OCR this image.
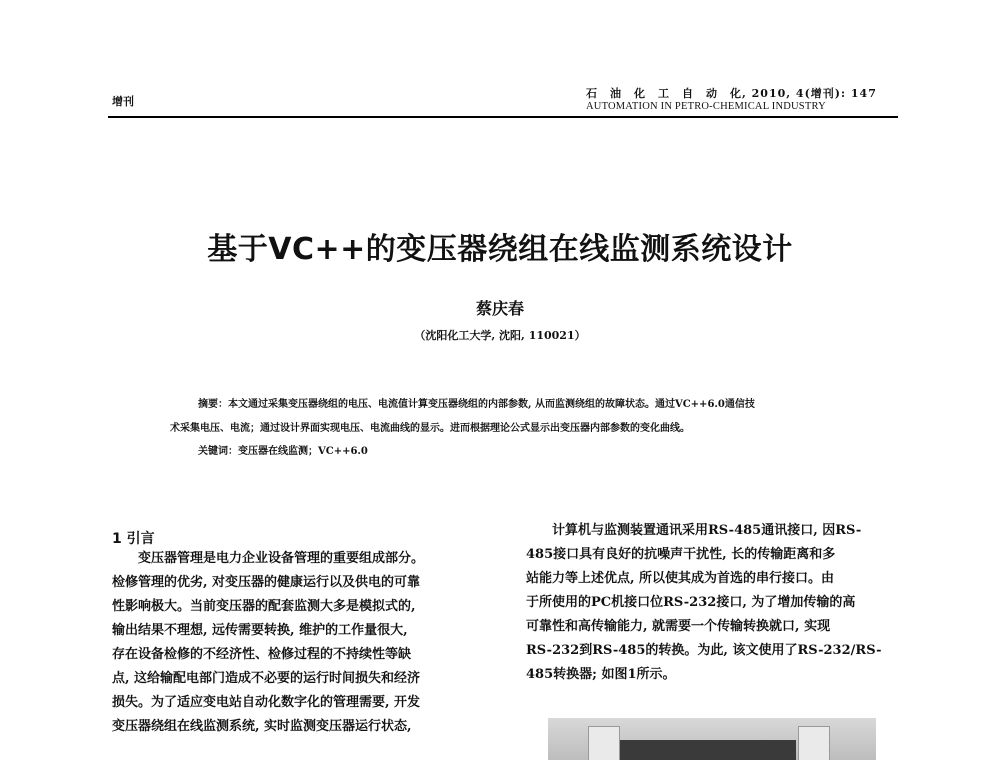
增刊
石　油　化　工　自　动　化, 2010, 4(增刊): 147
AUTOMATION IN PETRO-CHEMICAL INDUSTRY
基于VC++的变压器绕组在线监测系统设计
蔡庆春
（沈阳化工大学, 沈阳, 110021）
摘要：本文通过采集变压器绕组的电压、电流值计算变压器绕组的内部参数, 从而监测绕组的故障状态。通过VC++6.0通信技
术采集电压、电流；通过设计界面实现电压、电流曲线的显示。进而根据理论公式显示出变压器内部参数的变化曲线。
关键词：变压器在线监测；VC++6.0
1 引言
　　变压器管理是电力企业设备管理的重要组成部分。
检修管理的优劣, 对变压器的健康运行以及供电的可靠
性影响极大。当前变压器的配套监测大多是模拟式的,
输出结果不理想, 远传需要转换, 维护的工作量很大,
存在设备检修的不经济性、检修过程的不持续性等缺
点, 这给输配电部门造成不必要的运行时间损失和经济
损失。为了适应变电站自动化数字化的管理需要, 开发
变压器绕组在线监测系统, 实时监测变压器运行状态,
　　计算机与监测装置通讯采用RS-485通讯接口, 因RS-
485接口具有良好的抗噪声干扰性, 长的传输距离和多
站能力等上述优点, 所以使其成为首选的串行接口。由
于所使用的PC机接口位RS-232接口, 为了增加传输的高
可靠性和高传输能力, 就需要一个传输转换就口, 实现
RS-232到RS-485的转换。为此, 该文使用了RS-232/RS-
485转换器; 如图1所示。
